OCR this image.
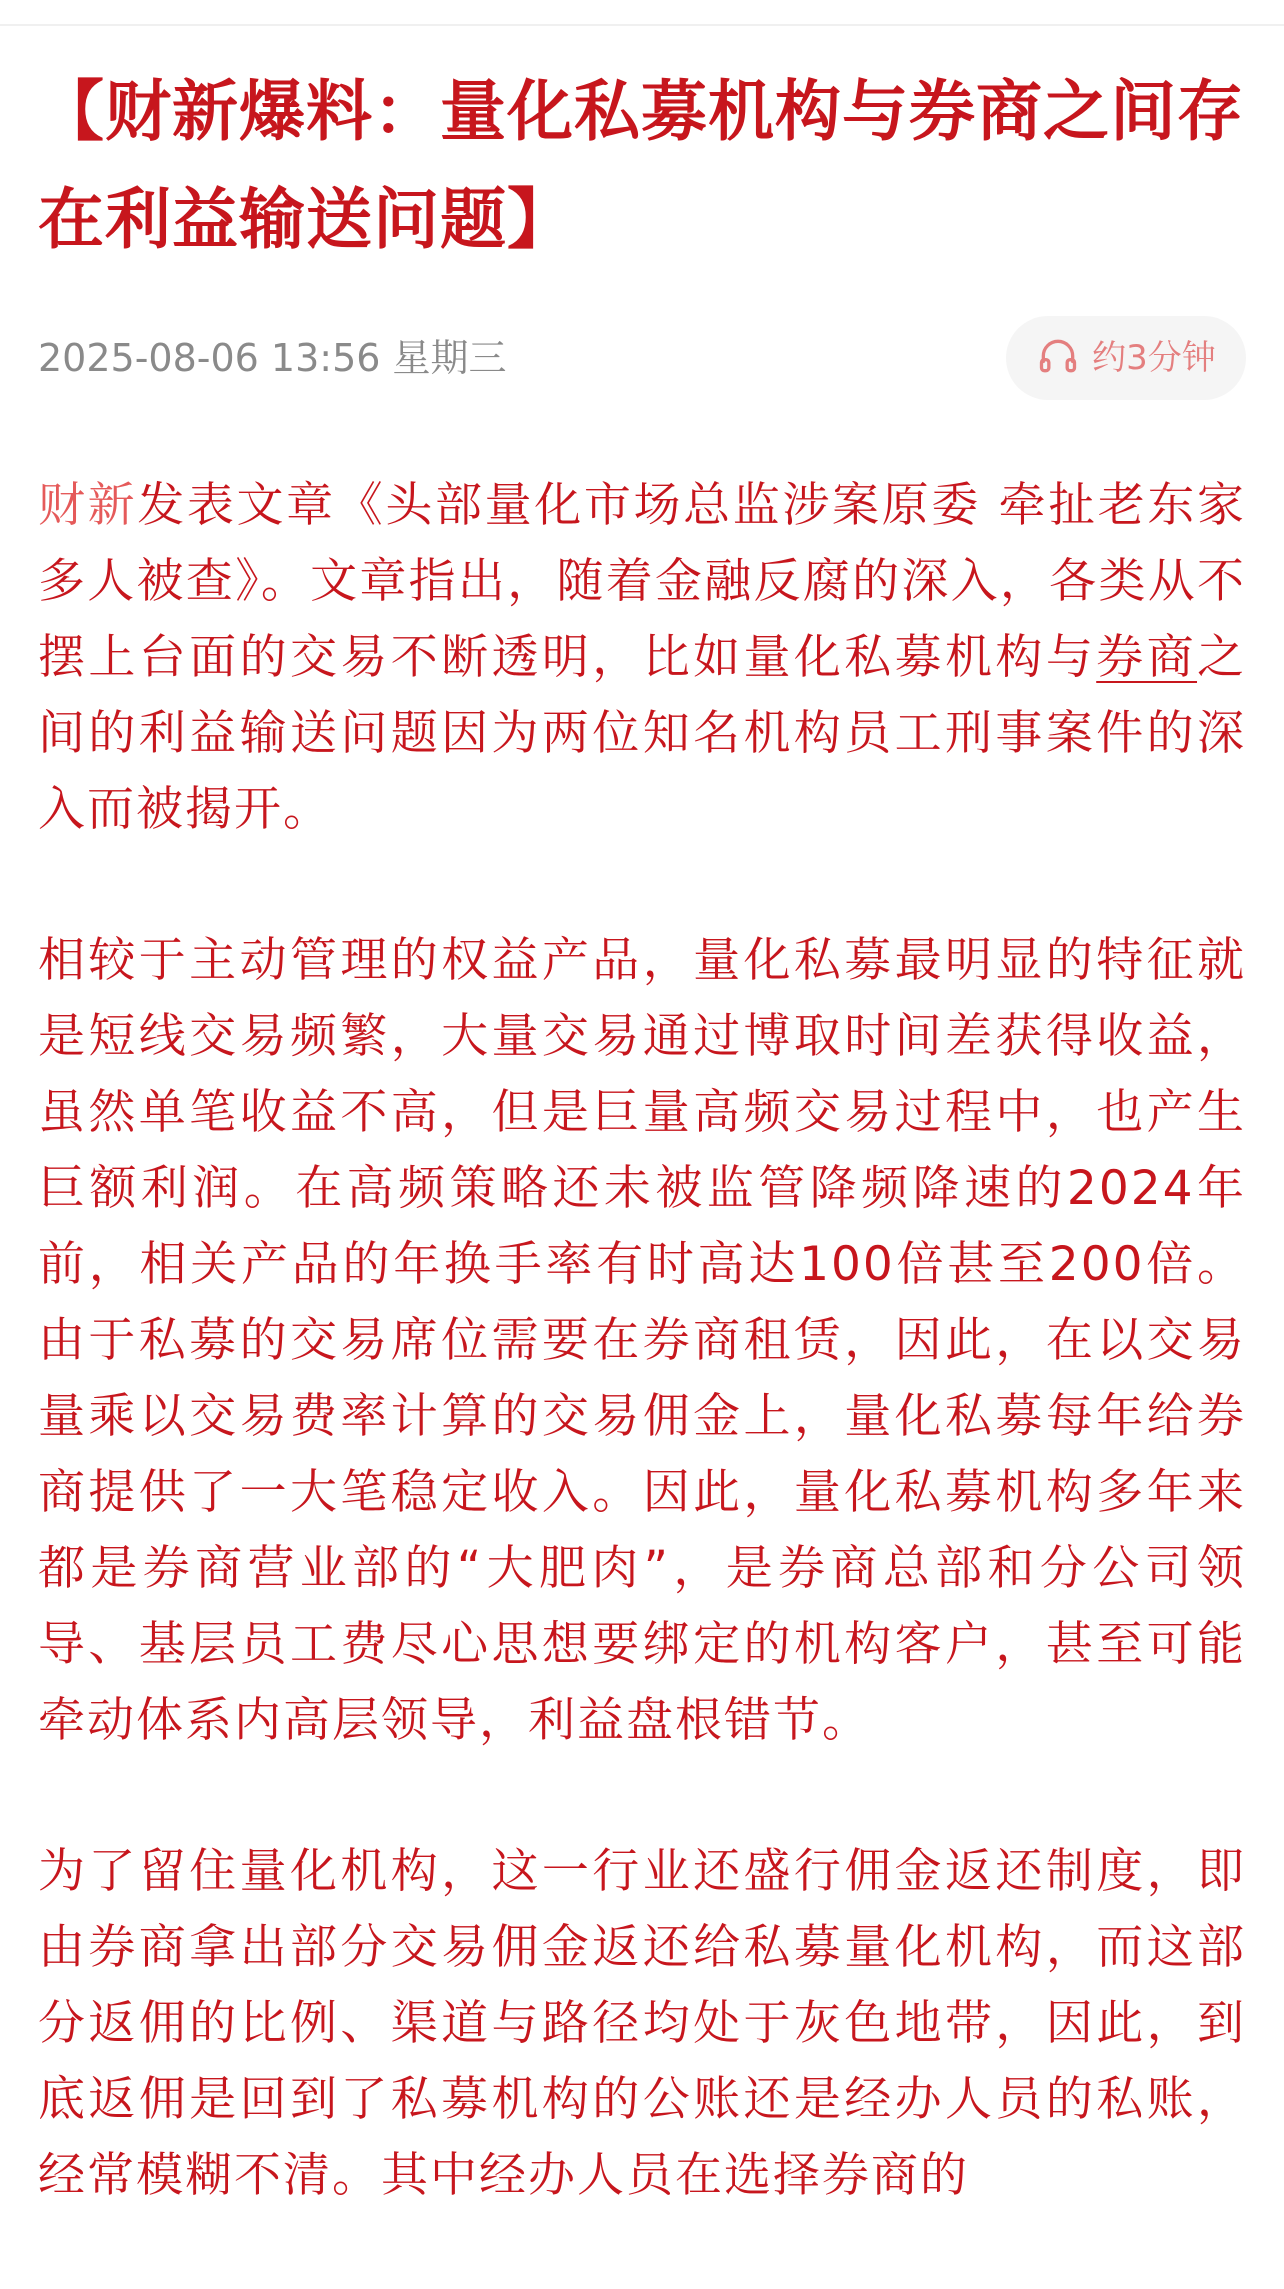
【财新爆料：量化私募机构与券商之间存在利益输送问题】
2025-08-06 13:56 星期三	约3分钟

财新发表文章《头部量化市场总监涉案原委 牵扯老东家多人被查》。文章指出，随着金融反腐的深入，各类从不摆上台面的交易不断透明，比如量化私募机构与券商之间的利益输送问题因为两位知名机构员工刑事案件的深入而被揭开。

相较于主动管理的权益产品，量化私募最明显的特征就是短线交易频繁，大量交易通过博取时间差获得收益，虽然单笔收益不高，但是巨量高频交易过程中，也产生巨额利润。在高频策略还未被监管降频降速的2024年前，相关产品的年换手率有时高达100倍甚至200倍。由于私募的交易席位需要在券商租赁，因此，在以交易量乘以交易费率计算的交易佣金上，量化私募每年给券商提供了一大笔稳定收入。因此，量化私募机构多年来都是券商营业部的“大肥肉”，是券商总部和分公司领导、基层员工费尽心思想要绑定的机构客户，甚至可能牵动体系内高层领导，利益盘根错节。

为了留住量化机构，这一行业还盛行佣金返还制度，即由券商拿出部分交易佣金返还给私募量化机构，而这部分返佣的比例、渠道与路径均处于灰色地带，因此，到底返佣是回到了私募机构的公账还是经办人员的私账，经常模糊不清。其中经办人员在选择券商的
